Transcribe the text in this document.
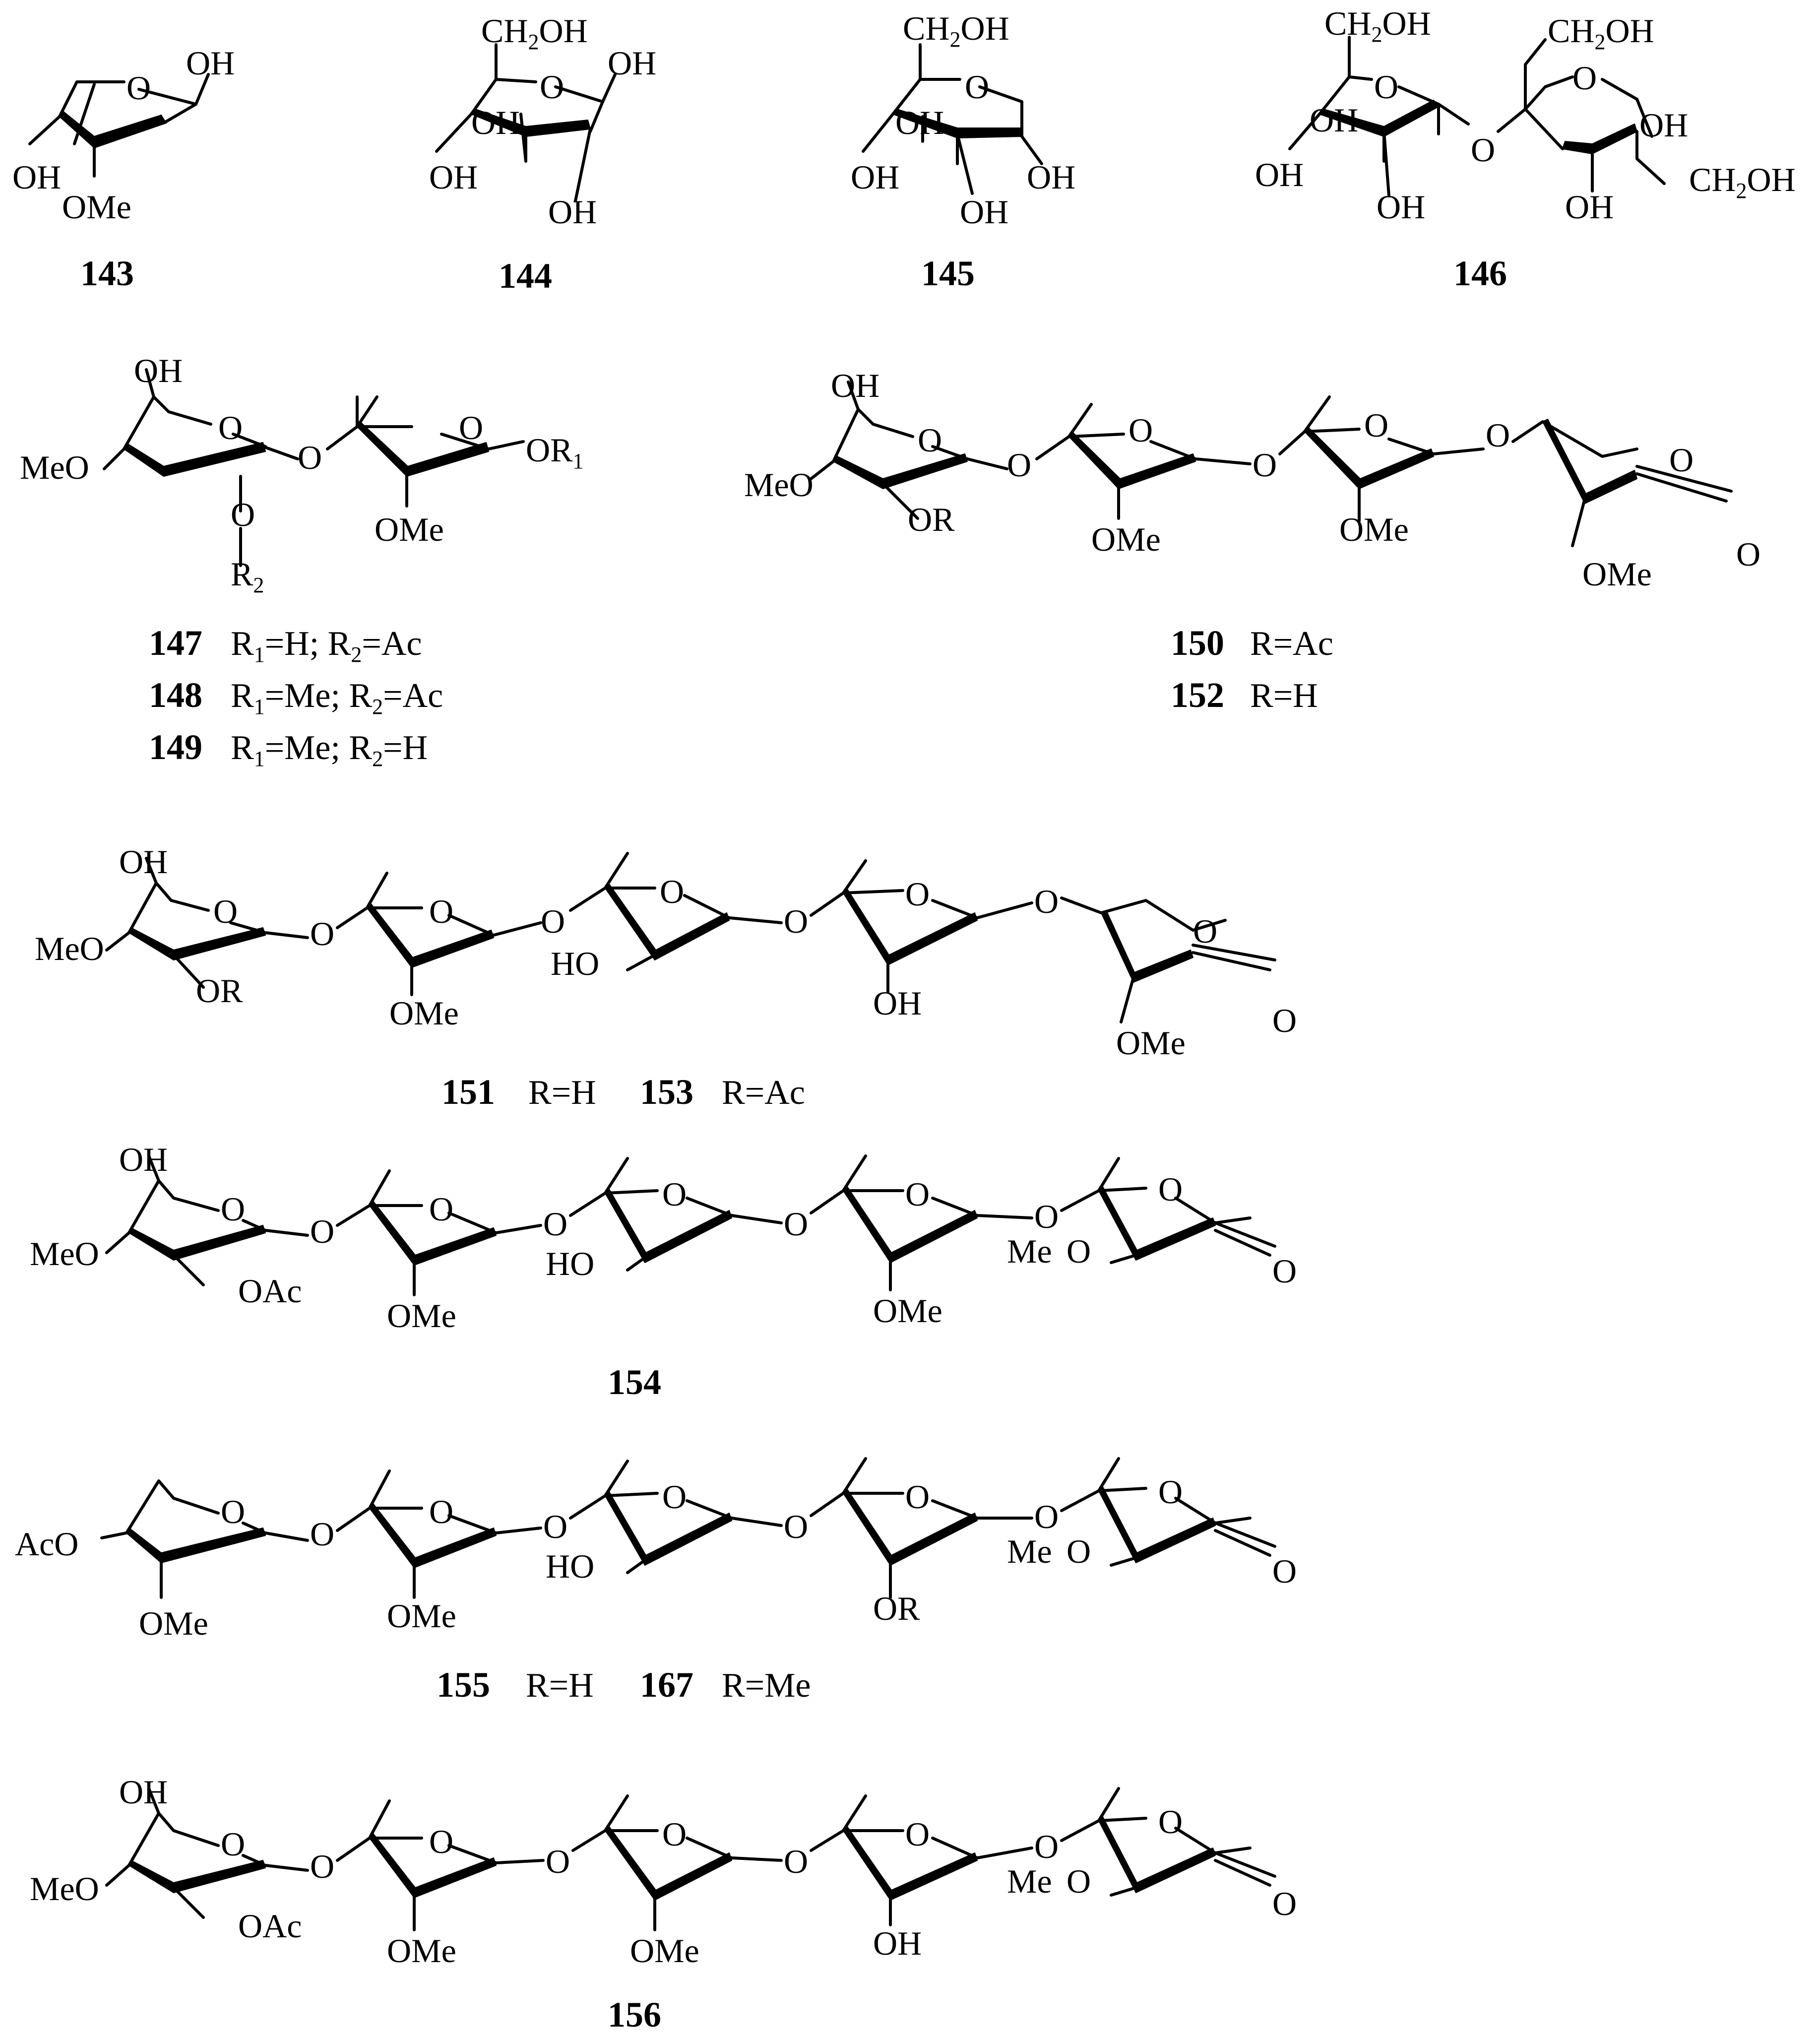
O
OH
OH
OMe
143
$CH_2OH$
O
OH
OH
OH
OH
144
$CH_2OH$
O
OH
OH
OH
OH
145
$CH_2OH$	$CH_2OH$
$CH_2OH$
O	O
O
OH
OH
OH
OH
OH
146
OH
O
MeO	O
O
$OR_1$
O
$R_2$
OMe
147 $R_1=H$; $R_2=Ac$
148 $R_1=Me$; $R_2=Ac$
149 $R_1=Me$; $R_2=H$
OH
O
MeO
OR
O
O
OMe
O
O
OMe
O
O
O
OMe
150 R=Ac
152 R=H
OH
O
MeO
OR
O
O
OMe
O
O
HO
O
O
OH
O
O
O
OMe
151 R=H 153 R=Ac
OH
O
MeO
OAc
O
O
OMe
O
O
HO
O
O
OMe
Me
O
O
O
O
154
AcO
O
OMe
O
O
OMe
O
O
HO
O
O
OR
Me
O
O
O
O
155 R=H 167 R=Me
OH
O
MeO
OAc
O
O
OMe
O
O
OMe
O
O
OH
Me
O
O
O
O
156
